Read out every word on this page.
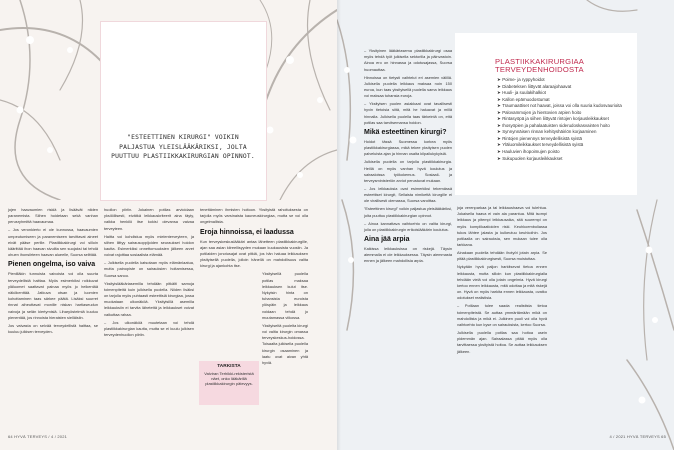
"ESTEETTINEN KIRURGI" VOIKIN PALJASTUA YLEISLÄÄKÄRIKSI, JOLTA PUUTTUU PLASTIIKKAKIRURGIAN OPINNOT.

jojen haavaumien riskiä ja lisäävät niiden paranemista. Siihen hoidetaan sekä vanhan perusryhmittä haavaumaa.

– Jos veronkierto ei ole kunnossa, haavaumien umpeutumiseen ja paranemiseen tarvittavat aineet eivät pääse perille. Plastiikkakirurgi voi silloin käärittää ihon haavan sivuilta sen suojaksi tai tehdä ohuen ihonsiirteen haavan alueelle, Suorsa selittää.

Pienen ongelma, iso vaiva

Pienilläkin tunnuista vaivoista voi olla suurta terveydellistä haittaa. Myös esimerkiksi roikkuvat yläluomet saattavat painaa myös jo heikentää näkökenttää. Jatkuva otsan ja luomien kohottaminen taas särkee päätä. Lisäksi suurret rinnat aiheuttavat monille niskan hartiaseudun vaivoja ja selän kiertymisiä. Liharyöstelmiä kuuluu pienentää, jos rinnoista hieraisten sielläisiin.

Jos vaivasta on selvää terveydellistä haittaa, se kuuluu julkisen terveyden-

huollon piiriin. Jokainen potilas arvioidaan yksilöllisesti, eivätkä leikkauskriteerit aina täyty, vaikka henkilö itse kokisi olevansa vaivaa terveyteen.

Haitta voi kohdistua myös mielenterveyteen, ja siihen liittyy sairausoppijoiden seuraukset hoidon kautta. Esimerkiksi onnettomuuksien jälkeen arvet voivat rajoittaa sosiaalista elämää.

– Julkisella puolella katsotaan myös elämänlaatua, mutta painopiste on sairauksien hoitamisessa, Suorsa sanoo.

Yksityislääkäriasemilla tehdään pitkälti samoja toimenpiteitä kuin julkisella puolella. Niiden lisäksi on tarjolla myös puhtaasti esteettisiä kirurgiaa, jossa muokataan ulkonäköä. Yksityisillä asemilla leikkauksiin ei tarvita lähetettä ja leikkaukset voivat vaikuttaa rahaa.

– Jos ulkonäköä muutetaan voi tehdä plastiikkakirurgian kautta, mutta se ei kuulu julkisen terveydenhuollon piiriin.

tenettäminen ihmisten hoitoon. Yksityistä rahoituksesta on tarjolla myös varsinaista kauneuskirurgiaa, mutta se voi olla ongelmallista.

Eroja hinnoissa, ei laadussa

Kun terveyskeskuslääkäri antaa lähetteen plastiikkakirurgille, ajan saa asian kiireellisyyden mukaan kuukausista vuosiin. Ja potilaiden jonotusajat ovat pitkiä, jos hän haluaa leikkauksen yksityisellä puolella, jolloin hänellä on mahdollisuus valita kirurgi ja ajankohta itse.

Yksityisellä puolella potilas maksaa leikkauksen kulut itse. Nykyisin hinta on tuhansista euroista ylöspäin ja leikkaus voidaan tehdä jo muutamassa viikossa.

Yksityiseltä puolelta kirurgi voi valita kirurgin omassa terveyskeskus-hoidossa. Toisaalta julkisella puolella kirurgin osaaminen ja laatu ovat aivan yhtä hyviä.

TARKISTA

Valviran Terhikki-rekisteristä näet, onko lääkärillä plastiikkakirurgin pätevyys.

64 HYVÄ TERVEYS / 4 / 2021
PLASTIIKKAKIRURGIAA TERVEYDENHOIDOSTA
➤ Poime- ja ryppyhoidot
➤ Diabeteksen liittyvät alaraajohaavat
➤ Huuli- ja suulakihalkiot
➤ Kallon epämuodostumat
➤ Traumaattiset not haavat, joissa voi olla suuria kudosvaurioita
➤ Palovammojen ja hientovien arpien hoito
➤ Rintasyöpä ja siihen liittyvät rintojen korjausleikkaukset
➤ Ihosyöpien ja pahalaatuisten siderudoskasvainten hoito
➤ Synnynnäisen rinnan kehityshäiriön korjaaminen
➤ Rintojen pienennys terveydellisistä syistä
➤ Yläluomileikkaukset terveydellisistä syistä
➤ Hauluvien ihopoimujen poisto
➤ Sukupuolen korjausleikkaukset

– Yksityinen lääkäriasema plastiikkakirurgi osaa myös tehdä työt julkisella sektorilla ja päinvastoin. Ainoa ero on hinnassa ja odotusajassa, Suorsa huomauttaa.

Hinnoissa on tietysti vaihtelut eri asemien välillä. Julkisella puolella leikkaus maksaa noin 150 euroa, kun taas yksityisellä puolella sama leikkaus voi maksaa tuhansia euroja.

– Yksityisen puolen asiakkaat ovat tavallisesti hyvin tietoisia siitä, mitä he haluavat ja millä hinnalla. Julkisella puolella taas tärkeintä on, että potilas saa tarvitsemansa hoidon.

Mikä esteettinen kirurgi?

Hoidot tässä Suomessa korkea myös plastiikkakirurgiassa, mikä tekee yksityisen puolen palveluista ajan ja hinnan osalta kilpailukykyisiä.

Julkisella puolella on tarjolla plastiikkakirurgia. Heillä on myös vanhan hyvä koulutus ja sairaaloissa työkokemus. Sosiaali- ja terveysministeriön arviot perustuvat mukaan.

– Jos leikkauksia ovat esimerkiksi tekemässä esteettiset kirurgit, Sellaista nimikettä kirurgille ei ole virallisesti olemassa, Suorsa varoittaa.

"Esteettinen kirurgi" voikin paljastua yleislääkäriksi, jolta puuttuu plastiikkakirurgian opinnot.

– Ainoa kannattava vaihtoehto on valita kirurgi, jolla on plastiikkakirurgin erikoislääkärin koulutus.

Aina jää arpia

Kaikissa leikkauksissa on riskejä. Täysin aiemmalla ei ole leikkauksessa. Täysin aiemmasta ennen ja jälkeen mahdollisia arpia.

joja verenparkaa ja tai leikkaushaava voi tulehtua. Jokaisella haava ei vain ala parantua. Mitä isompi leikkaus ja pitempi leikkausaika, sitä suurempi on myös komplikaatioiden riski. Keuhkoemboliassa tukos lähtee jalasta ja kulkeutuu keuhkoihin. Jos potilaalla on sairauksia, sen mukaan tulee olla tarkkana.

Ainakaan puolella tehdään ihotyöt jotain arpia. Se pitää plastiikkakirurgisesti, Suorsa muistuttaa.

Nykyään hyvä paljon harkitsevat tietoa ennen leikkausta, mutta silloin kun plastiikkakirurgialla tehdään vielä voi olla jotain ongelmia. Hyvä kirurgi kertoo ennen leikkausta, mitä odottaa ja mitä riskejä on. Hyvä on myös harkita ennen leikkausta, ovatko odotukset realistisia.

– Potilaan tulee saada realistista tietoa toimenpiteistä. Se auttaa ymmärtämään mikä on mahdollista ja mikä ei. Julkinen puoli voi olla hyvä vaihtoehto kun kyse on sairauksista, kertoo Suorsa.

Julkisella puolella potilas saa hoitoa usein pidemmän ajan. Sairaalassa pitää myös olla tarvittaessa yksityistä hoitoa. Se auttaa leikkauksen jälkeen.

4 / 2021 HYVÄ TERVEYS 65
